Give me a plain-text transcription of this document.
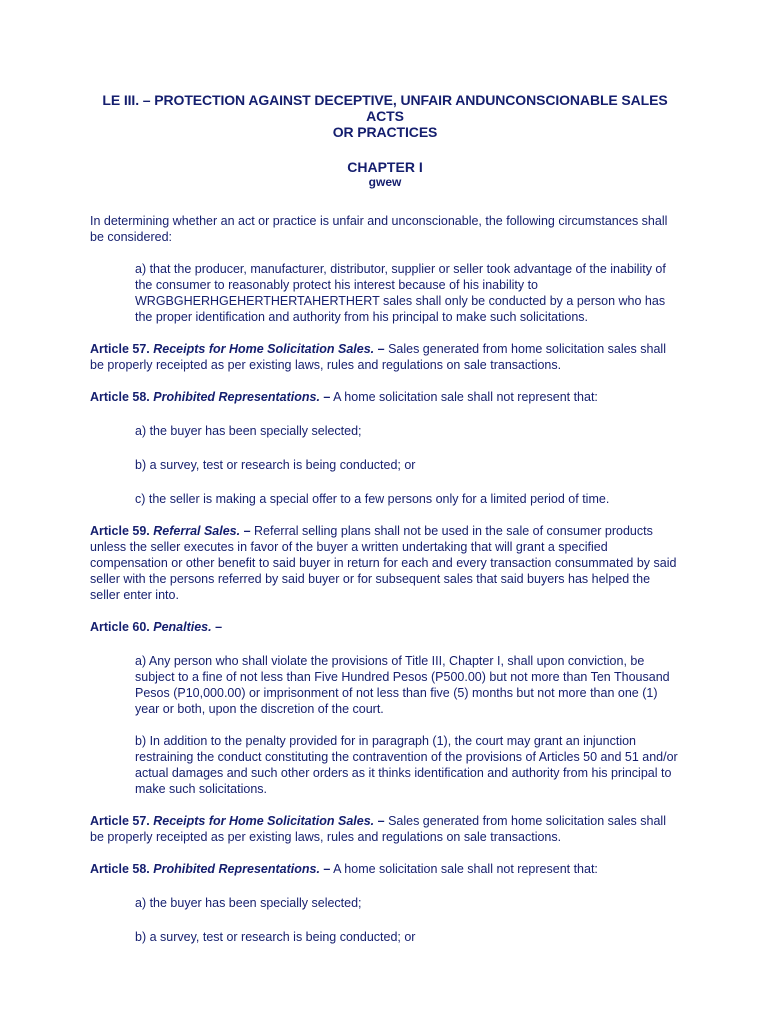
LE III. – PROTECTION AGAINST DECEPTIVE, UNFAIR ANDUNCONSCIONABLE SALES ACTS
OR PRACTICES

CHAPTER I
gwew

In determining whether an act or practice is unfair and unconscionable, the following circumstances shall be considered:

a) that the producer, manufacturer, distributor, supplier or seller took advantage of the inability of the consumer to reasonably protect his interest because of his inability to WRGBGHERHGEHERTHERTAHERTHERT sales shall only be conducted by a person who has the proper identification and authority from his principal to make such solicitations.

Article 57. Receipts for Home Solicitation Sales. – Sales generated from home solicitation sales shall be properly receipted as per existing laws, rules and regulations on sale transactions.

Article 58. Prohibited Representations. – A home solicitation sale shall not represent that:

a) the buyer has been specially selected;

b) a survey, test or research is being conducted; or

c) the seller is making a special offer to a few persons only for a limited period of time.

Article 59. Referral Sales. – Referral selling plans shall not be used in the sale of consumer products unless the seller executes in favor of the buyer a written undertaking that will grant a specified compensation or other benefit to said buyer in return for each and every transaction consummated by said seller with the persons referred by said buyer or for subsequent sales that said buyers has helped the seller enter into.

Article 60. Penalties. –

a) Any person who shall violate the provisions of Title III, Chapter I, shall upon conviction, be subject to a fine of not less than Five Hundred Pesos (P500.00) but not more than Ten Thousand Pesos (P10,000.00) or imprisonment of not less than five (5) months but not more than one (1) year or both, upon the discretion of the court.

b) In addition to the penalty provided for in paragraph (1), the court may grant an injunction restraining the conduct constituting the contravention of the provisions of Articles 50 and 51 and/or actual damages and such other orders as it thinks identification and authority from his principal to make such solicitations.

Article 57. Receipts for Home Solicitation Sales. – Sales generated from home solicitation sales shall be properly receipted as per existing laws, rules and regulations on sale transactions.

Article 58. Prohibited Representations. – A home solicitation sale shall not represent that:

a) the buyer has been specially selected;

b) a survey, test or research is being conducted; or
